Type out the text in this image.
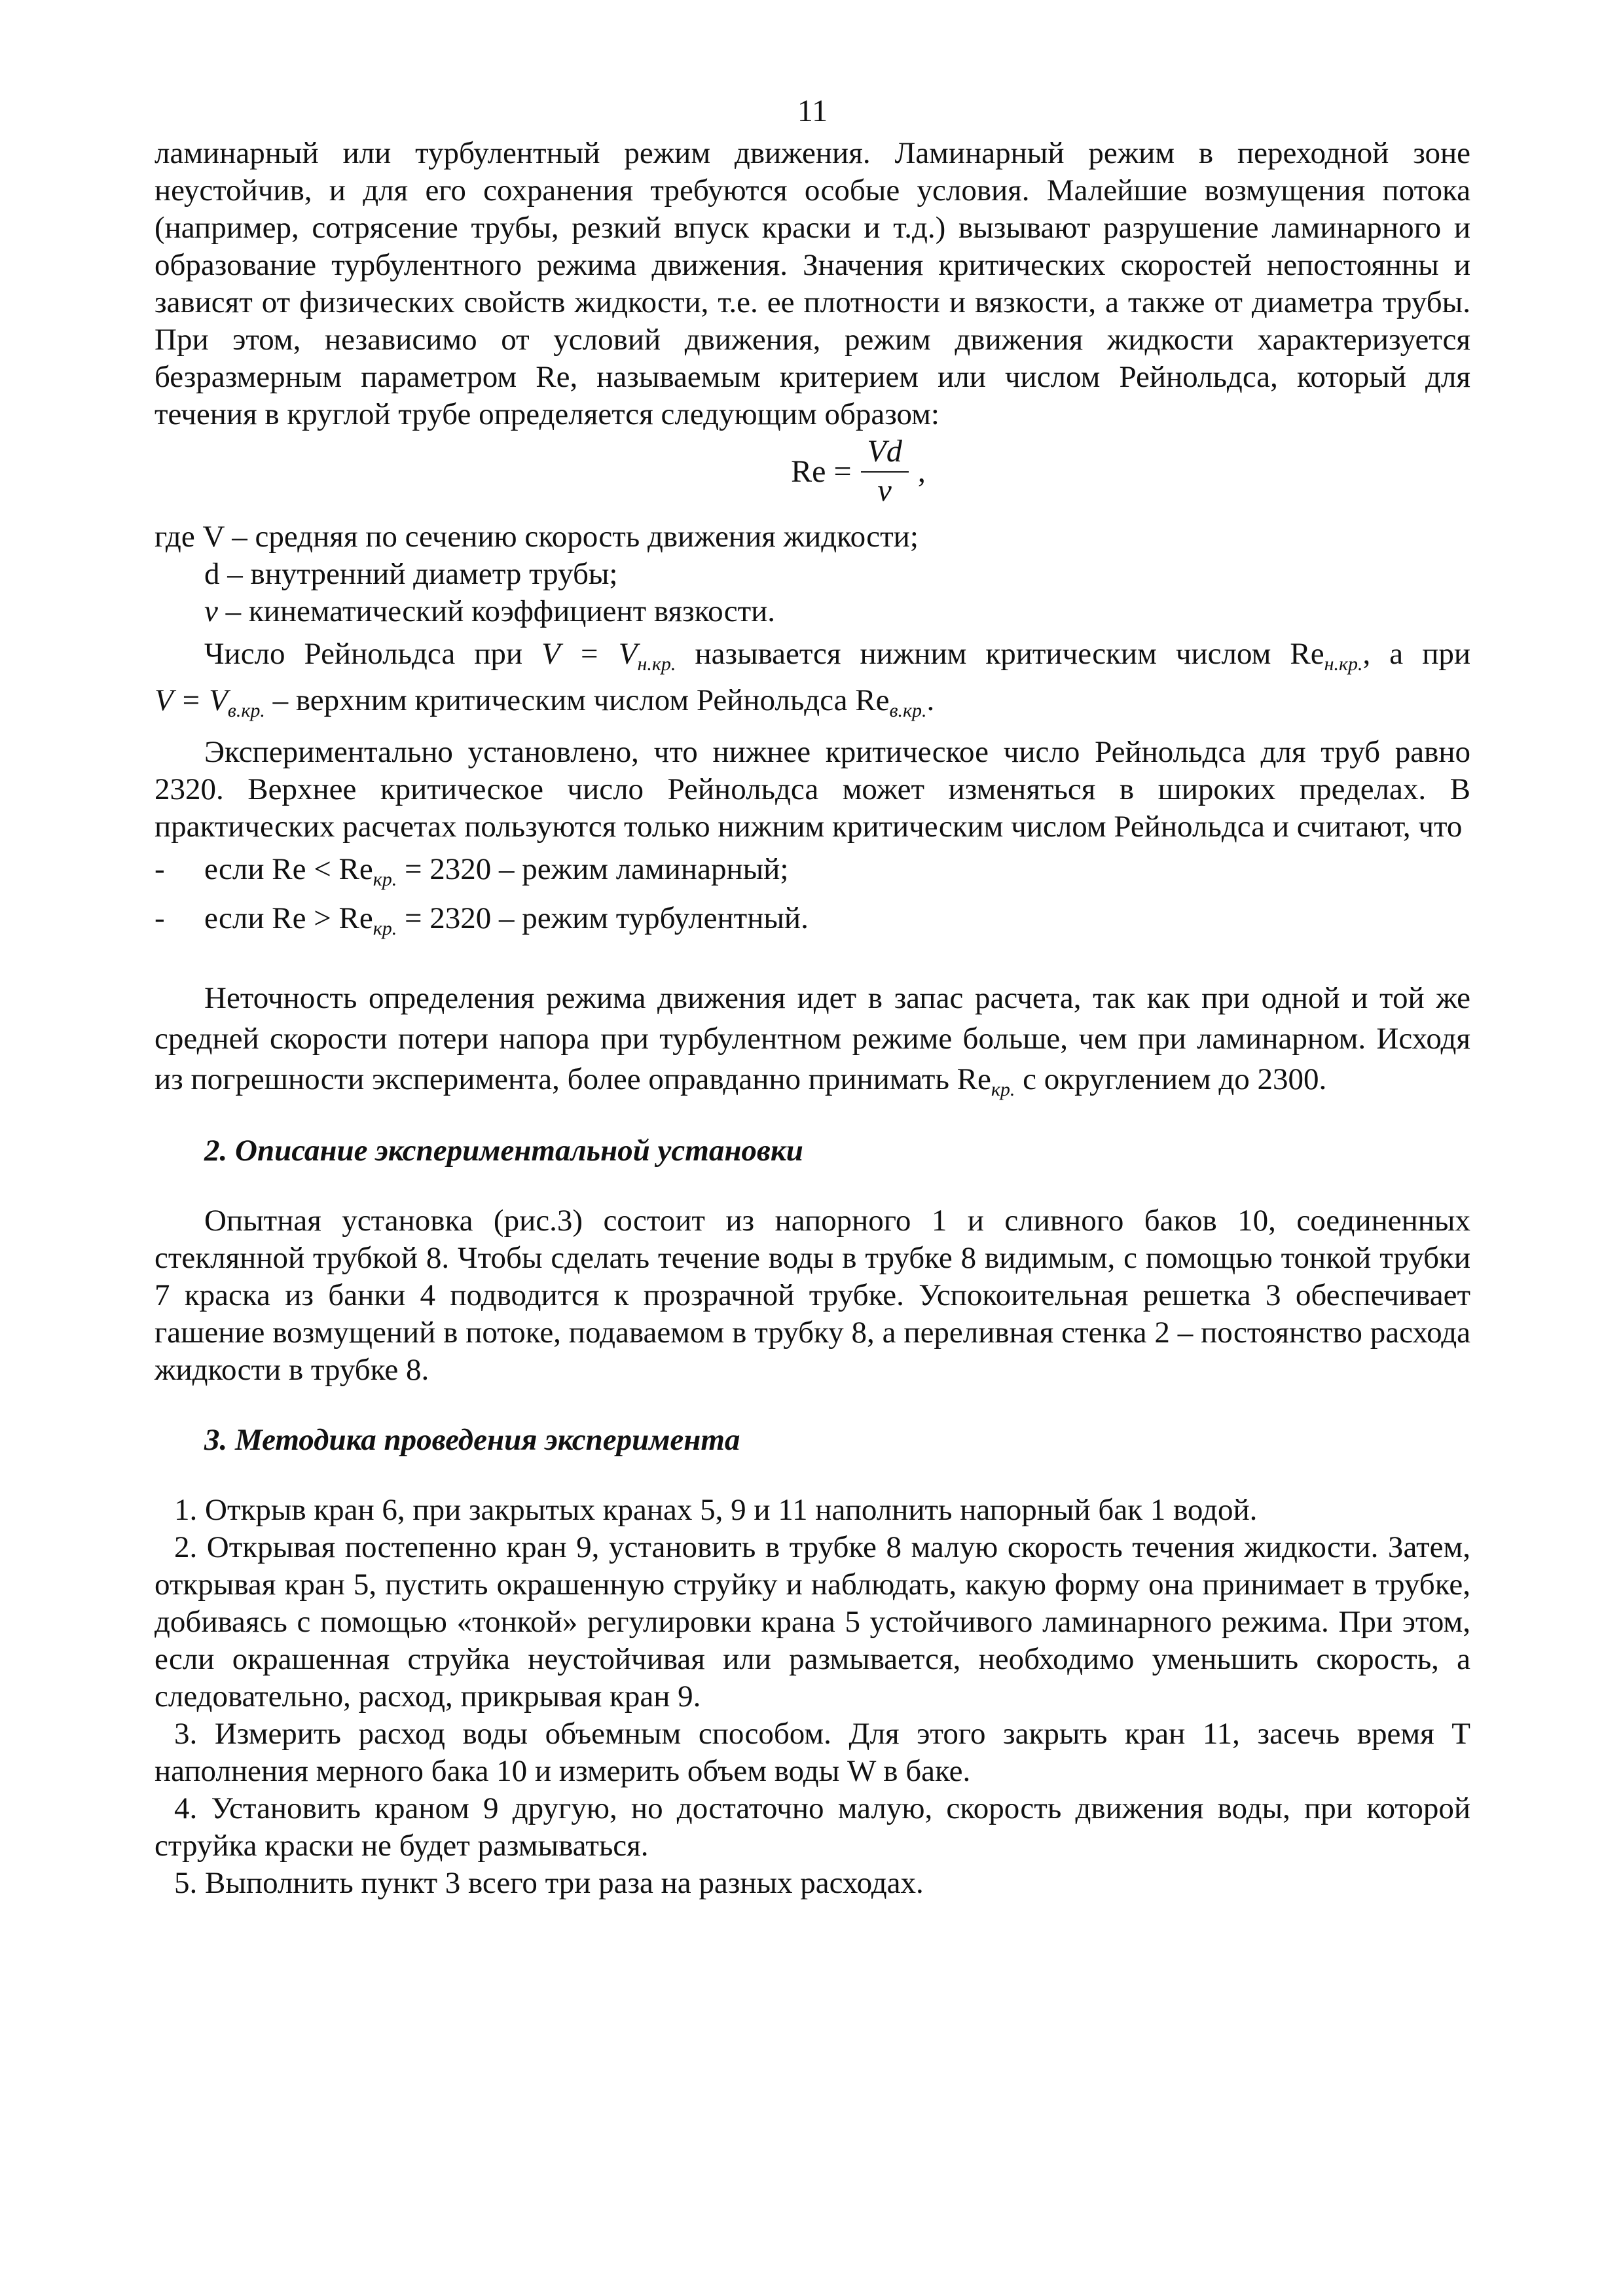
11

ламинарный или турбулентный режим движения. Ламинарный режим в переходной зоне неустойчив, и для его сохранения требуются особые условия. Малейшие возмущения потока (например, сотрясение трубы, резкий впуск краски и т.д.) вызывают разрушение ламинарного и образование турбулентного режима движения. Значения критических скоростей непостоянны и зависят от физических свойств жидкости, т.е. ее плотности и вязкости, а также от диаметра трубы. При этом, независимо от условий движения, режим движения жидкости характеризуется безразмерным параметром Re, называемым критерием или числом Рейнольдса, который для течения в круглой трубе определяется следующим образом:

$Re = \frac{Vd}{\nu}$ ,

где V – средняя по сечению скорость движения жидкости;

d – внутренний диаметр трубы;

ν – кинематический коэффициент вязкости.

Число Рейнольдса при $V = V_{н.кр.}$ называется нижним критическим числом $Re_{н.кр.}$, а при

$V = V_{в.кр.}$ – верхним критическим числом Рейнольдса $Re_{в.кр.}$.

Экспериментально установлено, что нижнее критическое число Рейнольдса для труб равно 2320. Верхнее критическое число Рейнольдса может изменяться в широких пределах. В практических расчетах пользуются только нижним критическим числом Рейнольдса и считают, что

-	если $Re < Re_{кр.} = 2320$ – режим ламинарный;
-	если $Re > Re_{кр.} = 2320$ – режим турбулентный.

Неточность определения режима движения идет в запас расчета, так как при одной и той же средней скорости потери напора при турбулентном режиме больше, чем при ламинарном. Исходя из погрешности эксперимента, более оправданно принимать $Re_{кр.}$ с округлением до 2300.

2. Описание экспериментальной установки

Опытная установка (рис.3) состоит из напорного 1 и сливного баков 10, соединенных стеклянной трубкой 8. Чтобы сделать течение воды в трубке 8 видимым, с помощью тонкой трубки 7 краска из банки 4 подводится к прозрачной трубке. Успокоительная решетка 3 обеспечивает гашение возмущений в потоке, подаваемом в трубку 8, а переливная стенка 2 – постоянство расхода жидкости в трубке 8.

3. Методика проведения эксперимента

1. Открыв кран 6, при закрытых кранах 5, 9 и 11 наполнить напорный бак 1 водой.

2. Открывая постепенно кран 9, установить в трубке 8 малую скорость течения жидкости. Затем, открывая кран 5, пустить окрашенную струйку и наблюдать, какую форму она принимает в трубке, добиваясь с помощью «тонкой» регулировки крана 5 устойчивого ламинарного режима. При этом, если окрашенная струйка неустойчивая или размывается, необходимо уменьшить скорость, а следовательно, расход, прикрывая кран 9.

3. Измерить расход воды объемным способом. Для этого закрыть кран 11, засечь время T наполнения мерного бака 10 и измерить объем воды W в баке.

4. Установить краном 9 другую, но достаточно малую, скорость движения воды, при которой струйка краски не будет размываться.

5. Выполнить пункт 3 всего три раза на разных расходах.
